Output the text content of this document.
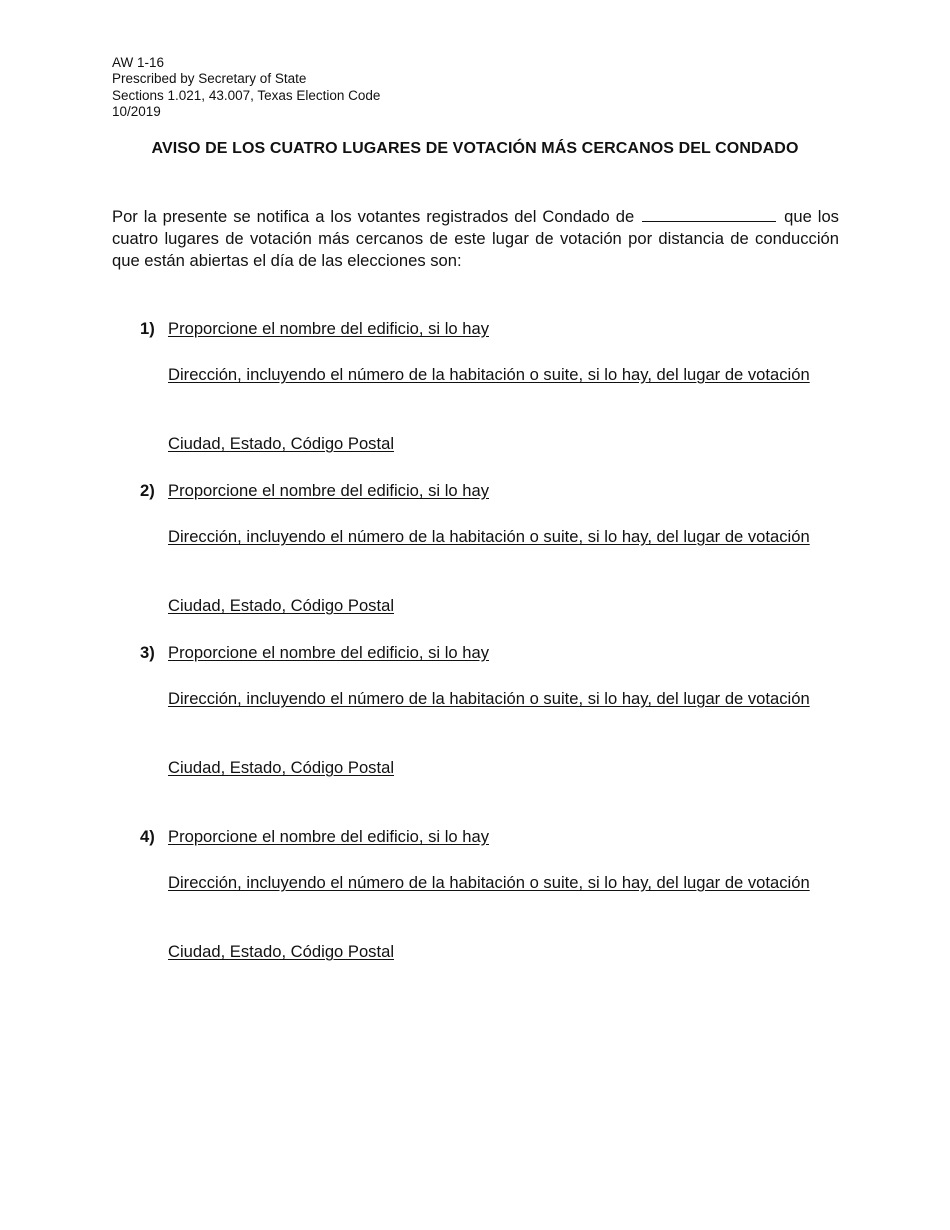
AW 1-16
Prescribed by Secretary of State
Sections 1.021, 43.007, Texas Election Code
10/2019
AVISO DE LOS CUATRO LUGARES DE VOTACIÓN MÁS CERCANOS DEL CONDADO
Por la presente se notifica a los votantes registrados del Condado de	que los cuatro lugares de votación más cercanos de este lugar de votación por distancia de conducción que están abiertas el día de las elecciones son:
1) Proporcione el nombre del edificio, si lo hay
Dirección, incluyendo el número de la habitación o suite, si lo hay, del lugar de votación
Ciudad, Estado, Código Postal
2) Proporcione el nombre del edificio, si lo hay
Dirección, incluyendo el número de la habitación o suite, si lo hay, del lugar de votación
Ciudad, Estado, Código Postal
3) Proporcione el nombre del edificio, si lo hay
Dirección, incluyendo el número de la habitación o suite, si lo hay, del lugar de votación
Ciudad, Estado, Código Postal
4) Proporcione el nombre del edificio, si lo hay
Dirección, incluyendo el número de la habitación o suite, si lo hay, del lugar de votación
Ciudad, Estado, Código Postal
